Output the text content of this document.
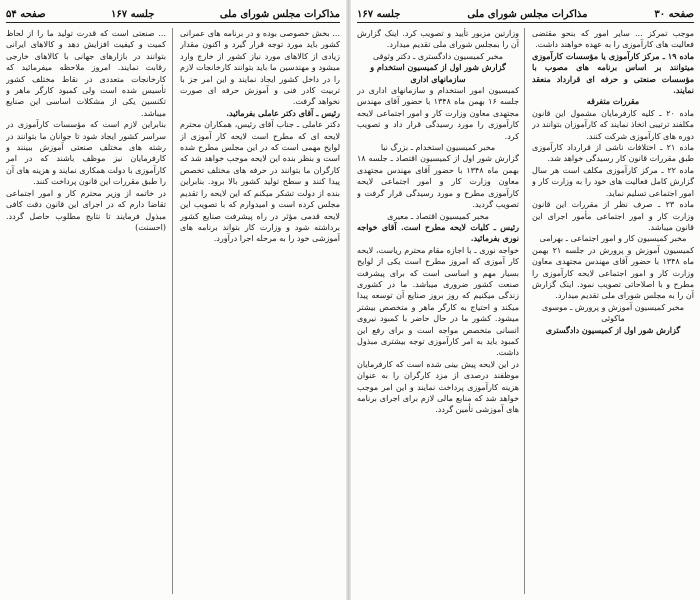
مذاکرات مجلس شورای ملی
جلسه ۱۶۷
صفحه ۵۴

... بخش خصوصی بوده و در برنامه های عمرانی کشور باید مورد توجه قرار گیرد و اکنون مقدار زیادی از کالاهای مورد نیاز کشور از خارج وارد میشود و مهندسین ما باید بتوانند کارخانجات لازم را در داخل کشور ایجاد نمایند و این امر جز با تربیت کادر فنی و آموزش حرفه ای صورت نخواهد گرفت.

رئیس ـ آقای دکتر عاملی بفرمائید.

دکتر عاملی ـ جناب آقای رئیس، همکاران محترم لایحه ای که مطرح است لایحه کار آموزی از لوایح مهمی است که در این مجلس مطرح شده است و بنظر بنده این لایحه موجب خواهد شد که کارگران ما بتوانند در حرفه های مختلف تخصص پیدا کنند و سطح تولید کشور بالا برود. بنابراین بنده از دولت تشکر میکنم که این لایحه را تقدیم مجلس کرده است و امیدوارم که با تصویب این لایحه قدمی مؤثر در راه پیشرفت صنایع کشور برداشته شود و وزارت کار بتواند برنامه های آموزشی خود را به مرحله اجرا درآورد.

... صنعتی است که قدرت تولید ما را از لحاظ کمیت و کیفیت افزایش دهد و کالاهای ایرانی بتوانند در بازارهای جهانی با کالاهای خارجی رقابت نمایند. امروز ملاحظه میفرمائید که کارخانجات متعددی در نقاط مختلف کشور تأسیس شده است ولی کمبود کارگر ماهر و تکنسین یکی از مشکلات اساسی این صنایع میباشد.

بنابراین لازم است که مؤسسات کارآموزی در سراسر کشور ایجاد شود تا جوانان ما بتوانند در رشته های مختلف صنعتی آموزش ببینند و کارفرمایان نیز موظف باشند که در امر کارآموزی با دولت همکاری نمایند و هزینه های آن را طبق مقررات این قانون پرداخت کنند.

در خاتمه از وزیر محترم کار و امور اجتماعی تقاضا دارم که در اجرای این قانون دقت کافی مبذول فرمایند تا نتایج مطلوب حاصل گردد. (احسنت)

صفحه ۳۰
مذاکرات مجلس شورای ملی
جلسه ۱۶۷

موجب تمرکز ... سایر امور که بنحو مقتضی فعالیت های کارآموزی را به عهده خواهند داشت.

ماده ۱۹ ـ مرکز کارآموزی یا مؤسسات کارآموزی میتوانند بر اساس برنامه های مصوب با مؤسسات صنعتی و حرفه ای قرارداد منعقد نمایند.

مقررات متفرقه

ماده ۲۰ ـ کلیه کارفرمایان مشمول این قانون مکلفند ترتیبی اتخاذ نمایند که کارآموزان بتوانند در دوره های کارآموزی شرکت کنند.

ماده ۲۱ ـ اختلافات ناشی از قرارداد کارآموزی طبق مقررات قانون کار رسیدگی خواهد شد.

ماده ۲۲ ـ مرکز کارآموزی مکلف است هر سال گزارش کامل فعالیت های خود را به وزارت کار و امور اجتماعی تسلیم نماید.

ماده ۲۳ ـ صرف نظر از مقررات این قانون وزارت کار و امور اجتماعی مأمور اجرای این قانون میباشد.

مخبر کمیسیون کار و امور اجتماعی ـ بهرامی

کمیسیون آموزش و پرورش در جلسه ۲۱ بهمن ماه ۱۳۴۸ با حضور آقای مهندس مجتهدی معاون وزارت کار و امور اجتماعی لایحه کارآموزی را مطرح و با اصلاحاتی تصویب نمود. اینک گزارش آن را به مجلس شورای ملی تقدیم میدارد.

مخبر کمیسیون آموزش و پرورش ـ موسوی ماکوئی

گزارش شور اول از کمیسیون دادگستری

وزارتین مزبور تأیید و تصویب کرد. اینک گزارش آن را بمجلس شورای ملی تقدیم میدارد.

مخبر کمیسیون دادگستری ـ دکتر وثوقی

گزارش شور اول از کمیسیون استخدام و سازمانهای اداری

کمیسیون امور استخدام و سازمانهای اداری در جلسه ۱۶ بهمن ماه ۱۳۴۸ با حضور آقای مهندس مجتهدی معاون وزارت کار و امور اجتماعی لایحه کارآموزی را مورد رسیدگی قرار داد و تصویب کرد.

مخبر کمیسیون استخدام ـ بزرگ نیا

گزارش شور اول از کمیسیون اقتصاد ـ جلسه ۱۸ بهمن ماه ۱۳۴۸ با حضور آقای مهندس مجتهدی معاون وزارت کار و امور اجتماعی لایحه کارآموزی مطرح و مورد رسیدگی قرار گرفت و تصویب گردید.

مخبر کمیسیون اقتصاد ـ معیری

رئیس ـ کلیات لایحه مطرح است. آقای خواجه نوری بفرمائید.

خواجه نوری ـ با اجازه مقام محترم ریاست، لایحه کار آموزی که امروز مطرح است یکی از لوایح بسیار مهم و اساسی است که برای پیشرفت صنعت کشور ضروری میباشد. ما در کشوری زندگی میکنیم که روز بروز صنایع آن توسعه پیدا میکند و احتیاج به کارگر ماهر و متخصص بیشتر میشود. کشور ما در حال حاضر با کمبود نیروی انسانی متخصص مواجه است و برای رفع این کمبود باید به امر کارآموزی توجه بیشتری مبذول داشت.

در این لایحه پیش بینی شده است که کارفرمایان موظفند درصدی از مزد کارگران را به عنوان هزینه کارآموزی پرداخت نمایند و این امر موجب خواهد شد که منابع مالی لازم برای اجرای برنامه های آموزشی تأمین گردد.
